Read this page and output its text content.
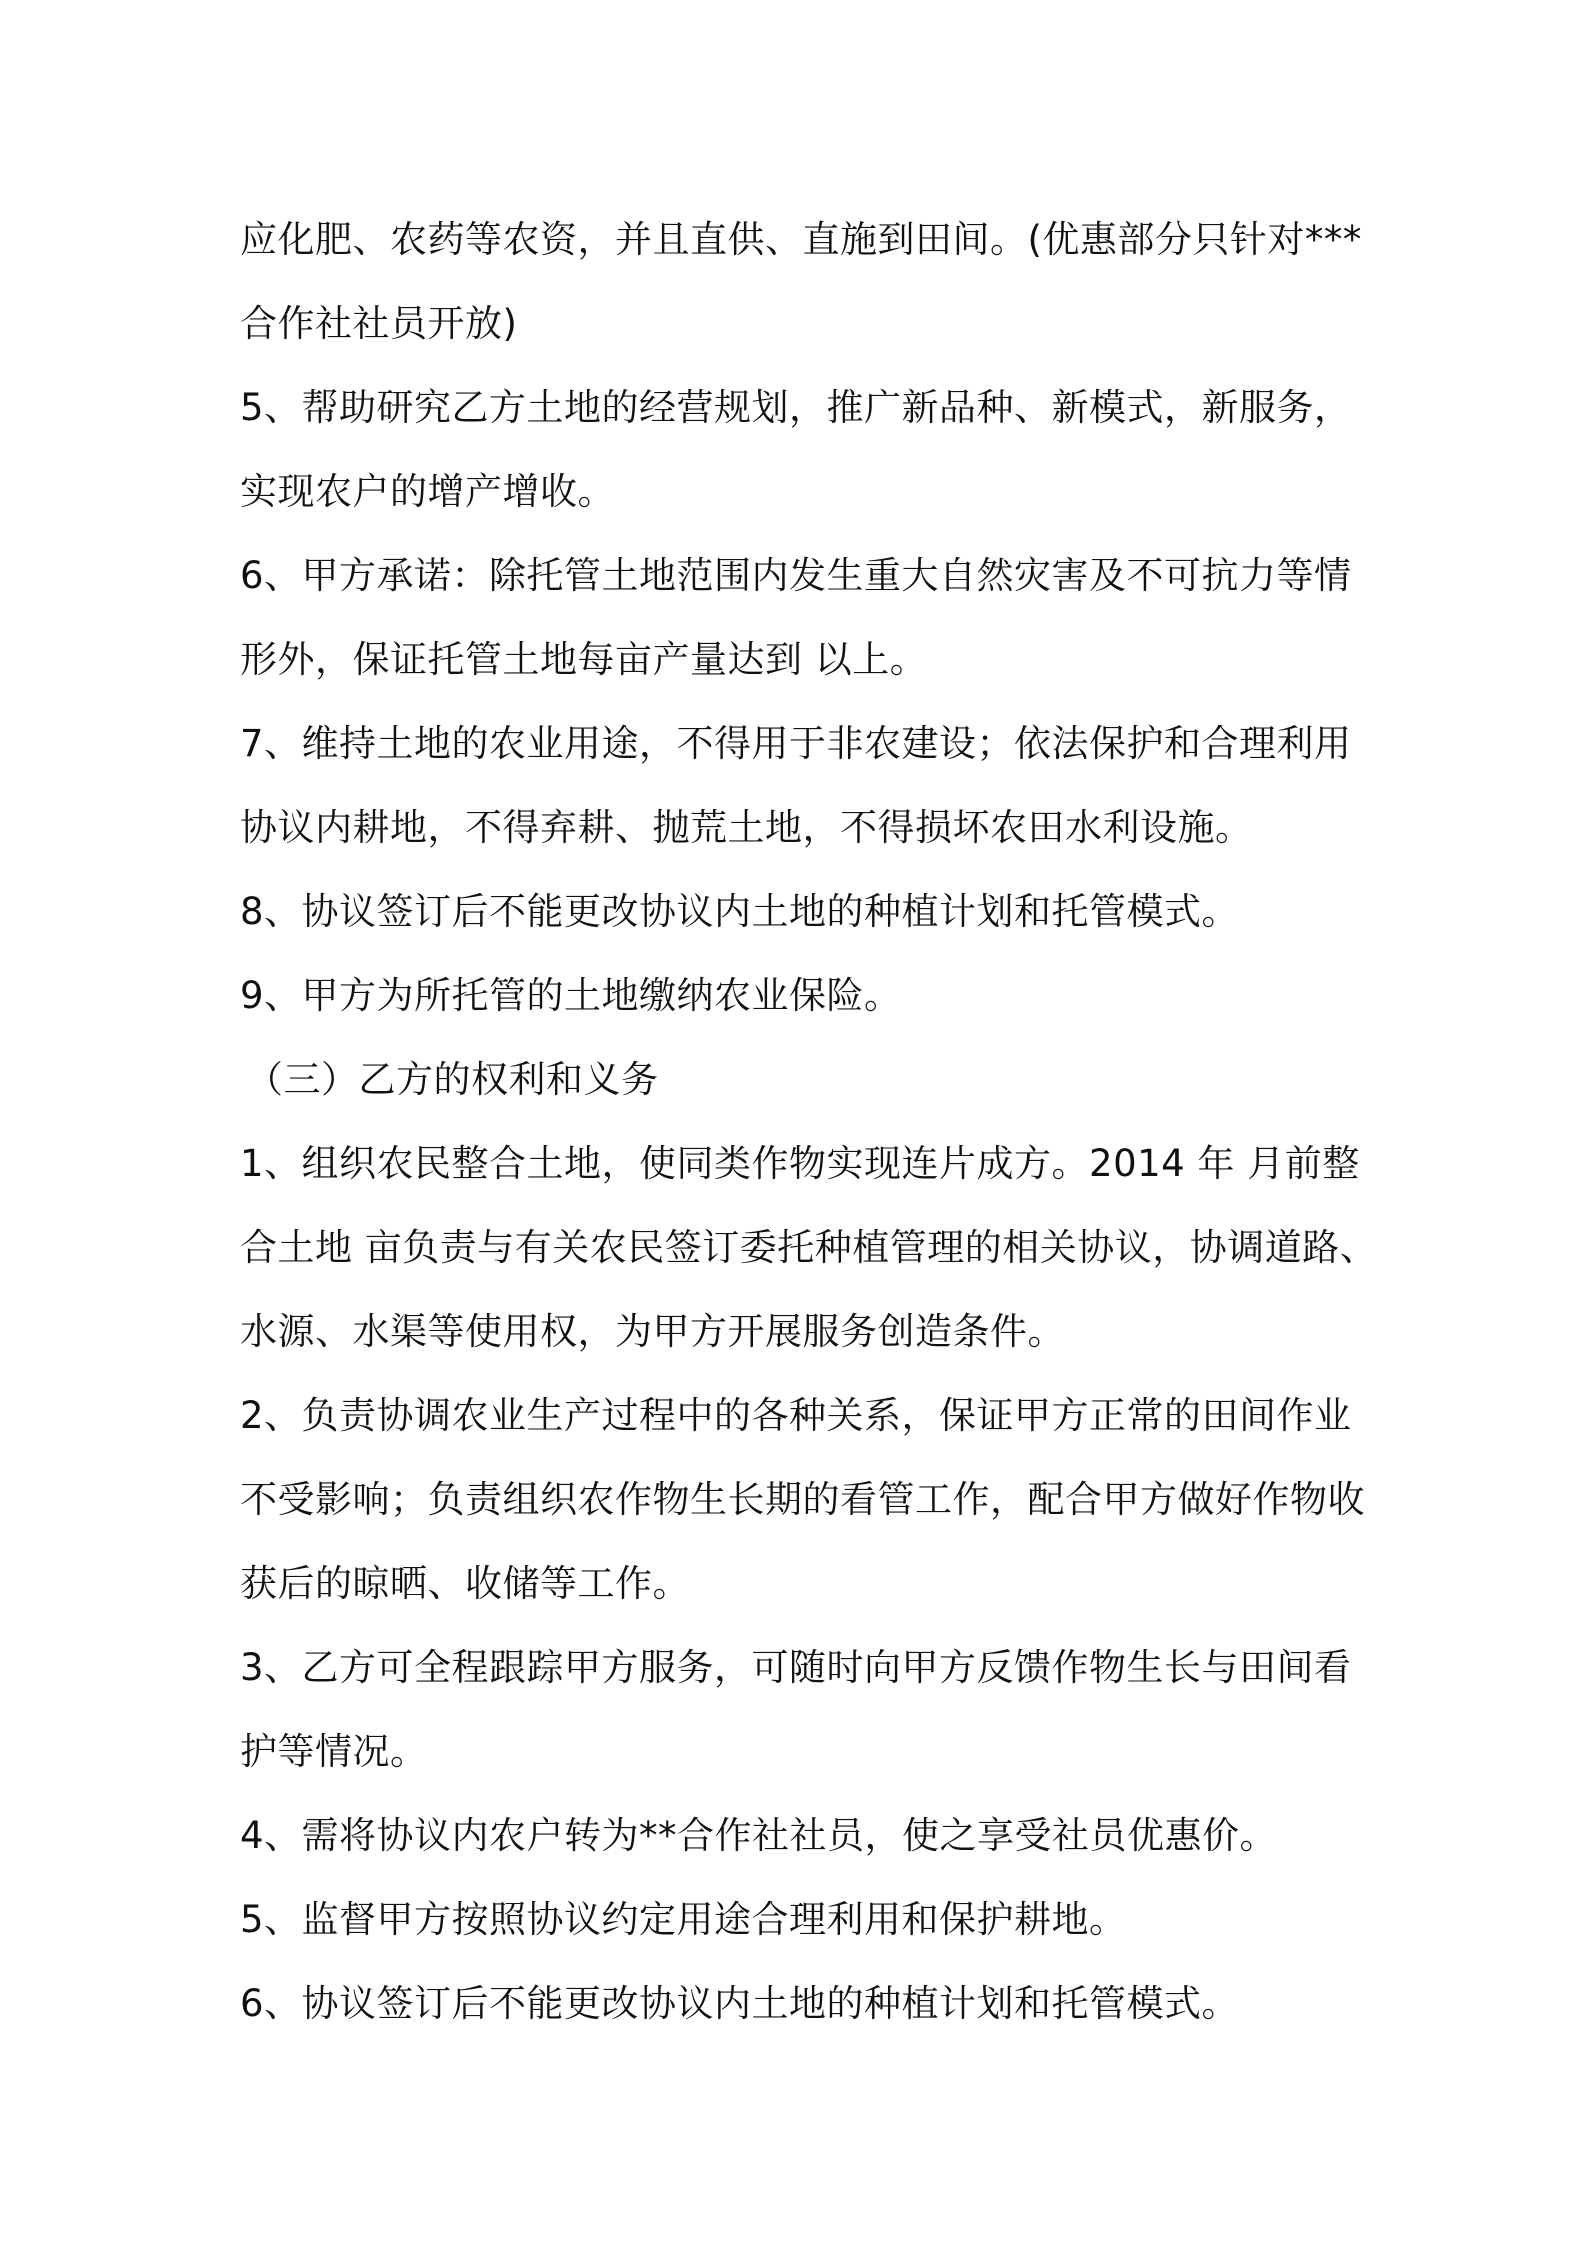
应化肥、农药等农资，并且直供、直施到田间。(优惠部分只针对***
合作社社员开放)
5、帮助研究乙方土地的经营规划，推广新品种、新模式，新服务，
实现农户的增产增收。
6、甲方承诺：除托管土地范围内发生重大自然灾害及不可抗力等情
形外，保证托管土地每亩产量达到 以上。
7、维持土地的农业用途，不得用于非农建设；依法保护和合理利用
协议内耕地，不得弃耕、抛荒土地，不得损坏农田水利设施。
8、协议签订后不能更改协议内土地的种植计划和托管模式。
9、甲方为所托管的土地缴纳农业保险。
（三）乙方的权利和义务
1、组织农民整合土地，使同类作物实现连片成方。2014 年 月前整
合土地 亩负责与有关农民签订委托种植管理的相关协议，协调道路、
水源、水渠等使用权，为甲方开展服务创造条件。
2、负责协调农业生产过程中的各种关系，保证甲方正常的田间作业
不受影响；负责组织农作物生长期的看管工作，配合甲方做好作物收
获后的晾晒、收储等工作。
3、乙方可全程跟踪甲方服务，可随时向甲方反馈作物生长与田间看
护等情况。
4、需将协议内农户转为**合作社社员，使之享受社员优惠价。
5、监督甲方按照协议约定用途合理利用和保护耕地。
6、协议签订后不能更改协议内土地的种植计划和托管模式。
